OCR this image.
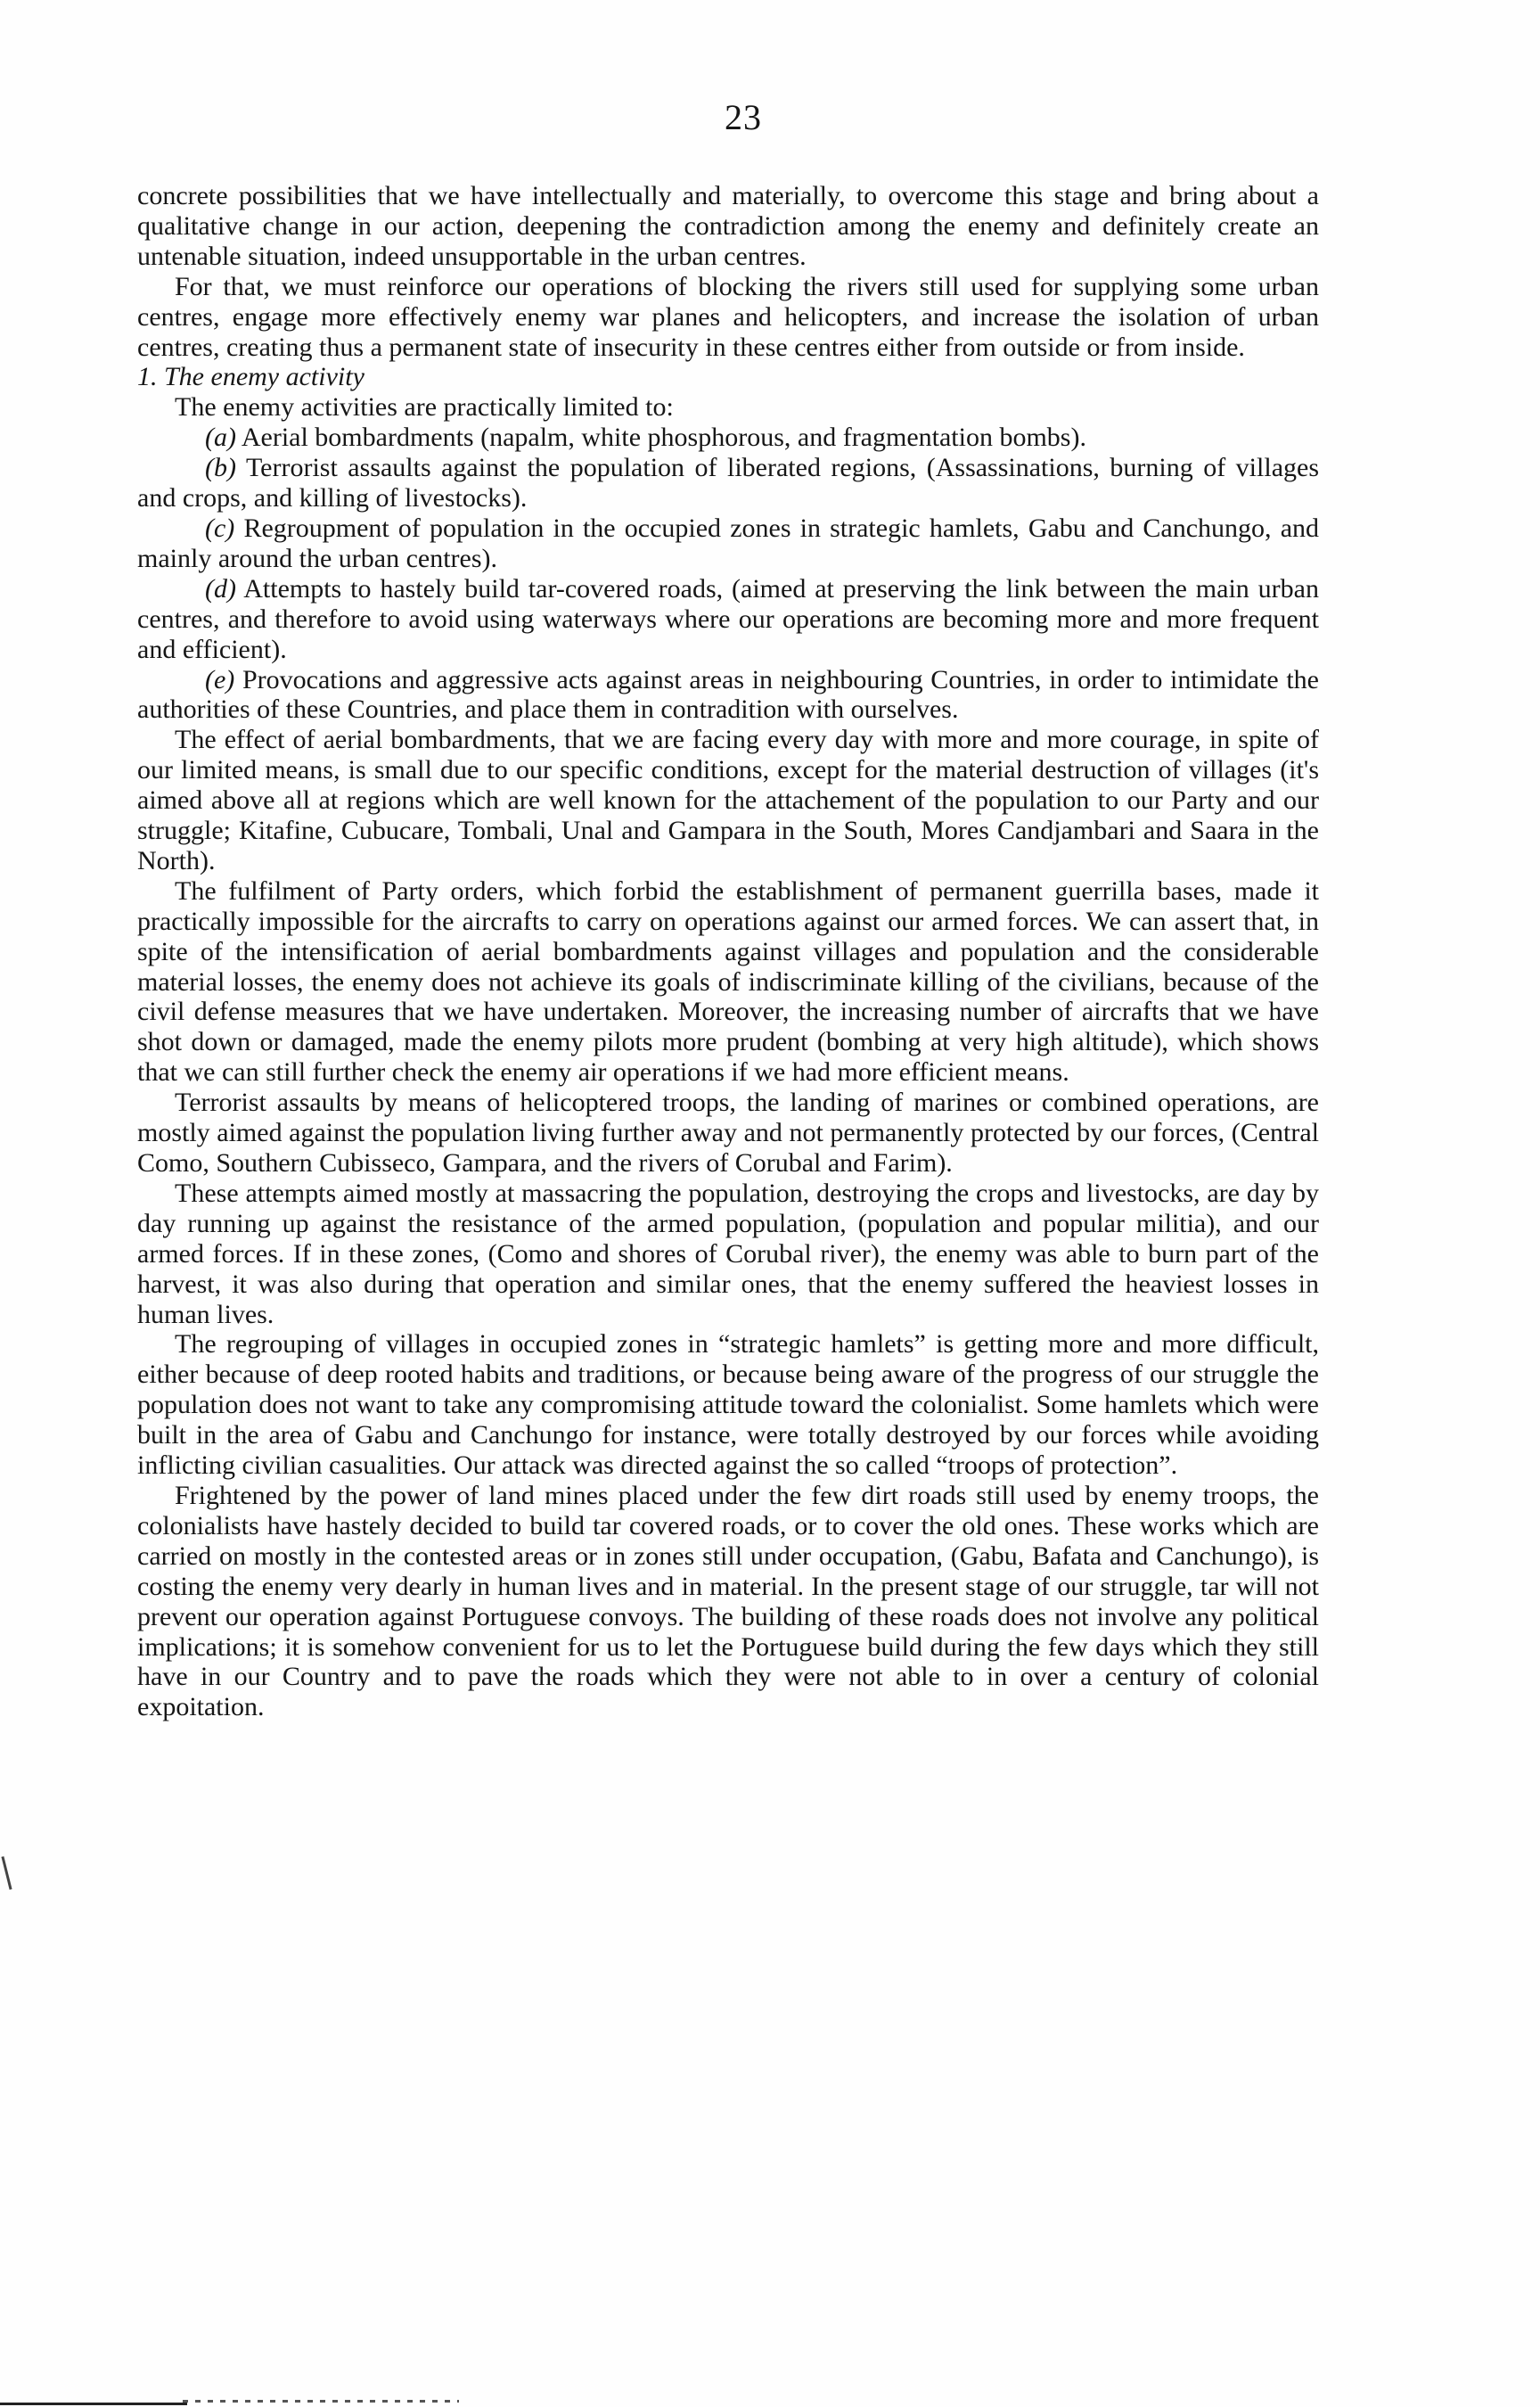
23

concrete possibilities that we have intellectually and materially, to overcome this stage and bring about a qualitative change in our action, deepening the contradiction among the enemy and definitely create an untenable situation, indeed unsupportable in the urban centres.

For that, we must reinforce our operations of blocking the rivers still used for supplying some urban centres, engage more effectively enemy war planes and helicopters, and increase the isolation of urban centres, creating thus a permanent state of insecurity in these centres either from outside or from inside.

1. The enemy activity

The enemy activities are practically limited to:

(a) Aerial bombardments (napalm, white phosphorous, and fragmentation bombs).

(b) Terrorist assaults against the population of liberated regions, (Assassinations, burning of villages and crops, and killing of livestocks).

(c) Regroupment of population in the occupied zones in strategic hamlets, Gabu and Canchungo, and mainly around the urban centres).

(d) Attempts to hastely build tar-covered roads, (aimed at preserving the link between the main urban centres, and therefore to avoid using waterways where our operations are becoming more and more frequent and efficient).

(e) Provocations and aggressive acts against areas in neighbouring Countries, in order to intimidate the authorities of these Countries, and place them in contradition with ourselves.

The effect of aerial bombardments, that we are facing every day with more and more courage, in spite of our limited means, is small due to our specific conditions, except for the material destruction of villages (it's aimed above all at regions which are well known for the attachement of the population to our Party and our struggle; Kitafine, Cubucare, Tombali, Unal and Gampara in the South, Mores Candjambari and Saara in the North).

The fulfilment of Party orders, which forbid the establishment of permanent guerrilla bases, made it practically impossible for the aircrafts to carry on operations against our armed forces. We can assert that, in spite of the intensification of aerial bombardments against villages and population and the considerable material losses, the enemy does not achieve its goals of indiscriminate killing of the civilians, because of the civil defense measures that we have undertaken. Moreover, the increasing number of aircrafts that we have shot down or damaged, made the enemy pilots more prudent (bombing at very high altitude), which shows that we can still further check the enemy air operations if we had more efficient means.

Terrorist assaults by means of helicoptered troops, the landing of marines or combined operations, are mostly aimed against the population living further away and not permanently protected by our forces, (Central Como, Southern Cubisseco, Gampara, and the rivers of Corubal and Farim).

These attempts aimed mostly at massacring the population, destroying the crops and livestocks, are day by day running up against the resistance of the armed population, (population and popular militia), and our armed forces. If in these zones, (Como and shores of Corubal river), the enemy was able to burn part of the harvest, it was also during that operation and similar ones, that the enemy suffered the heaviest losses in human lives.

The regrouping of villages in occupied zones in “strategic hamlets” is getting more and more difficult, either because of deep rooted habits and traditions, or because being aware of the progress of our struggle the population does not want to take any compromising attitude toward the colonialist. Some hamlets which were built in the area of Gabu and Canchungo for instance, were totally destroyed by our forces while avoiding inflicting civilian casualities. Our attack was directed against the so called “troops of protection”.

Frightened by the power of land mines placed under the few dirt roads still used by enemy troops, the colonialists have hastely decided to build tar covered roads, or to cover the old ones. These works which are carried on mostly in the contested areas or in zones still under occupation, (Gabu, Bafata and Canchungo), is costing the enemy very dearly in human lives and in material. In the present stage of our struggle, tar will not prevent our operation against Portuguese convoys. The building of these roads does not involve any political implications; it is somehow convenient for us to let the Portuguese build during the few days which they still have in our Country and to pave the roads which they were not able to in over a century of colonial expoitation.
